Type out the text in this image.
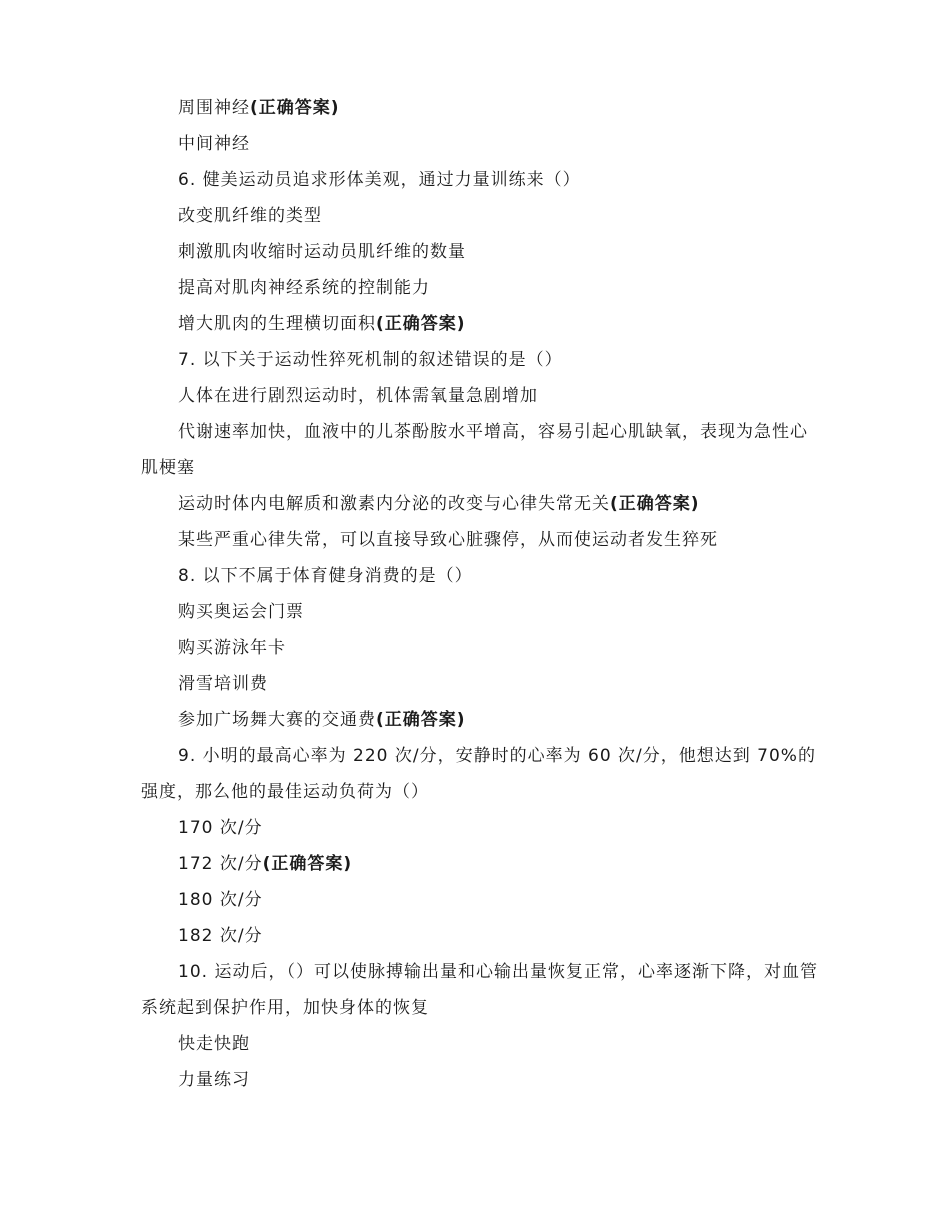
周围神经(正确答案)
中间神经
6. 健美运动员追求形体美观，通过力量训练来（）
改变肌纤维的类型
刺激肌肉收缩时运动员肌纤维的数量
提高对肌肉神经系统的控制能力
增大肌肉的生理横切面积(正确答案)
7. 以下关于运动性猝死机制的叙述错误的是（）
人体在进行剧烈运动时，机体需氧量急剧增加
代谢速率加快，血液中的儿茶酚胺水平增高，容易引起心肌缺氧，表现为急性心肌梗塞
运动时体内电解质和激素内分泌的改变与心律失常无关(正确答案)
某些严重心律失常，可以直接导致心脏骤停，从而使运动者发生猝死
8. 以下不属于体育健身消费的是（）
购买奥运会门票
购买游泳年卡
滑雪培训费
参加广场舞大赛的交通费(正确答案)
9. 小明的最高心率为 220 次/分，安静时的心率为 60 次/分，他想达到 70%的强度，那么他的最佳运动负荷为（）
170 次/分
172 次/分(正确答案)
180 次/分
182 次/分
10. 运动后，（）可以使脉搏输出量和心输出量恢复正常，心率逐渐下降，对血管系统起到保护作用，加快身体的恢复
快走快跑
力量练习
